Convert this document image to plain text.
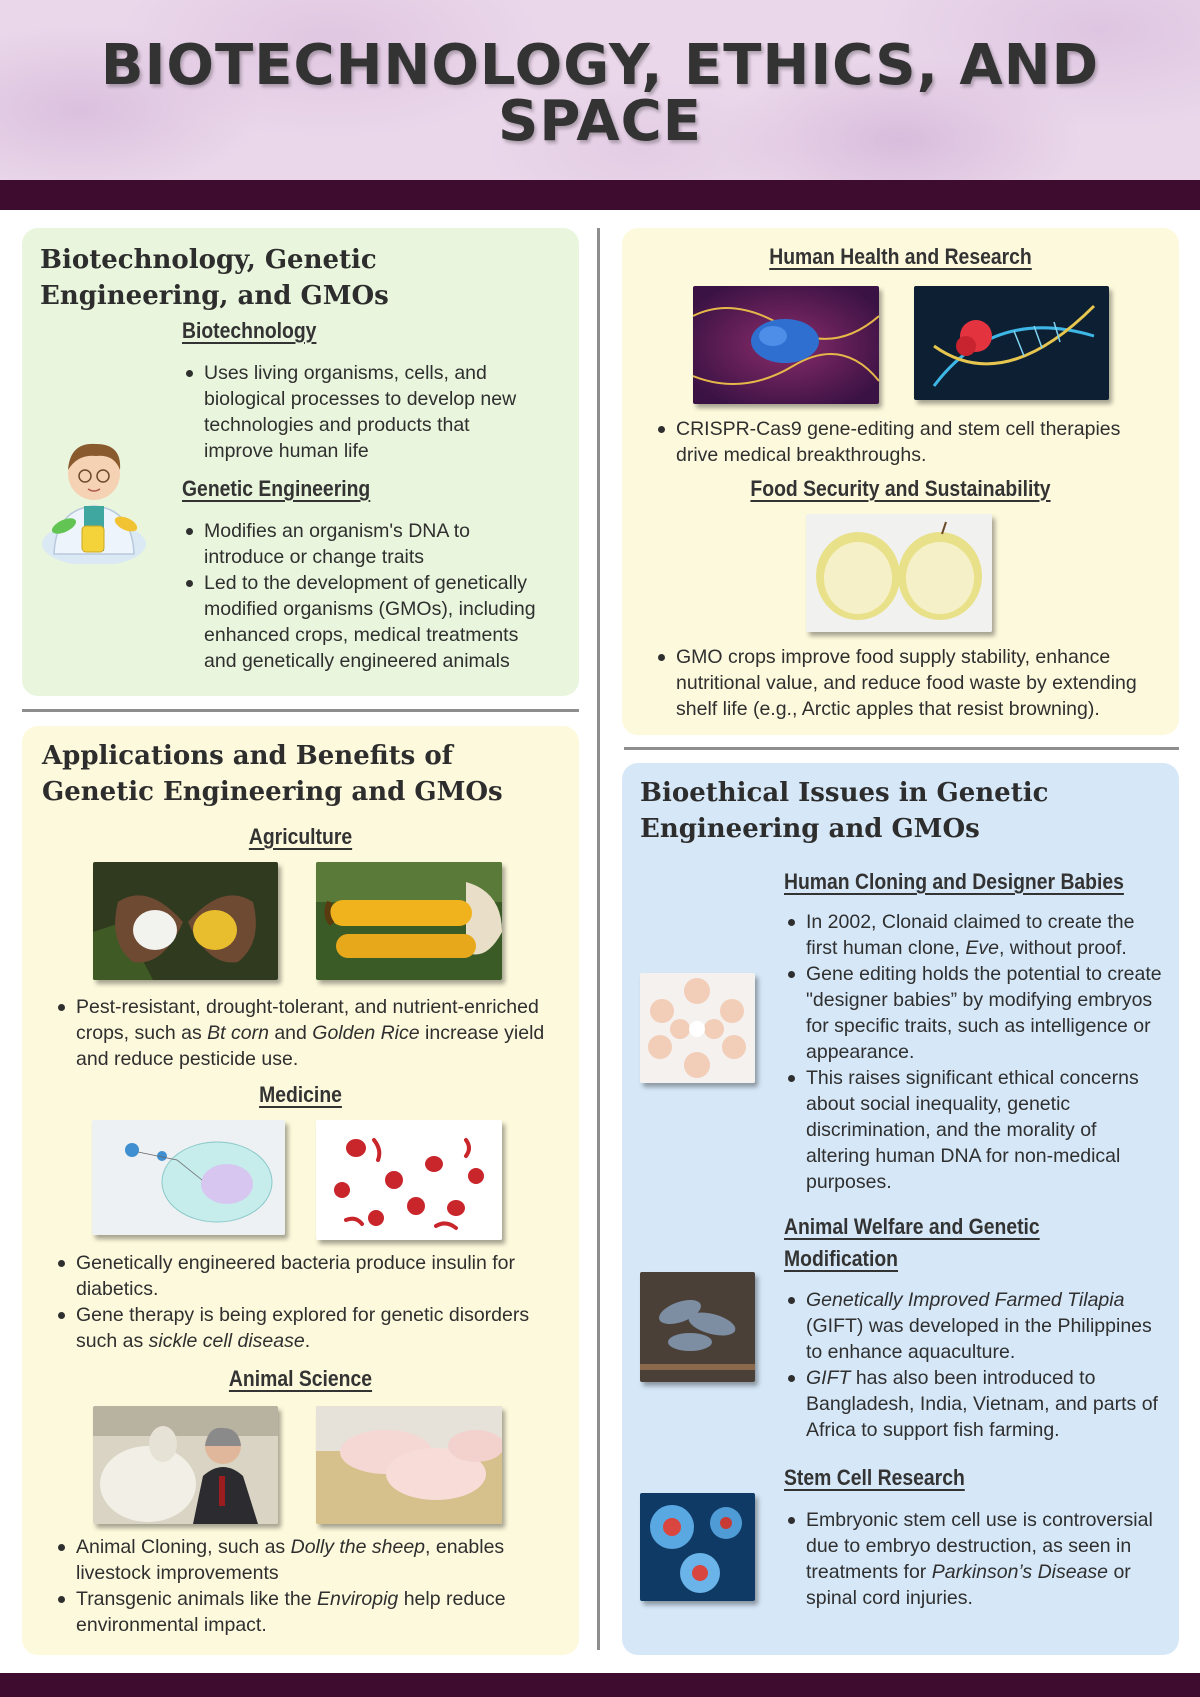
BIOTECHNOLOGY, ETHICS, AND SPACE
Biotechnology, Genetic Engineering, and GMOs
Biotechnology
Uses living organisms, cells, and biological processes to develop new technologies and products that improve human life
Genetic Engineering
Modifies an organism's DNA to introduce or change traits
Led to the development of genetically modified organisms (GMOs), including enhanced crops, medical treatments and genetically engineered animals
Applications and Benefits of Genetic Engineering and GMOs
Agriculture
Pest-resistant, drought-tolerant, and nutrient-enriched crops, such as Bt corn and Golden Rice increase yield and reduce pesticide use.
Medicine
Genetically engineered bacteria produce insulin for diabetics.
Gene therapy is being explored for genetic disorders such as sickle cell disease.
Animal Science
Animal Cloning, such as Dolly the sheep, enables livestock improvements
Transgenic animals like the Enviropig help reduce environmental impact.
Human Health and Research
CRISPR-Cas9 gene-editing and stem cell therapies drive medical breakthroughs.
Food Security and Sustainability
GMO crops improve food supply stability, enhance nutritional value, and reduce food waste by extending shelf life (e.g., Arctic apples that resist browning).
Bioethical Issues in Genetic Engineering and GMOs
Human Cloning and Designer Babies
In 2002, Clonaid claimed to create the first human clone, Eve, without proof.
Gene editing holds the potential to create "designer babies” by modifying embryos for specific traits, such as intelligence or appearance.
This raises significant ethical concerns about social inequality, genetic discrimination, and the morality of altering human DNA for non-medical purposes.
Animal Welfare and Genetic
Modification
Genetically Improved Farmed Tilapia (GIFT) was developed in the Philippines to enhance aquaculture.
GIFT has also been introduced to Bangladesh, India, Vietnam, and parts of Africa to support fish farming.
Stem Cell Research
Embryonic stem cell use is controversial due to embryo destruction, as seen in treatments for Parkinson’s Disease or spinal cord injuries.
